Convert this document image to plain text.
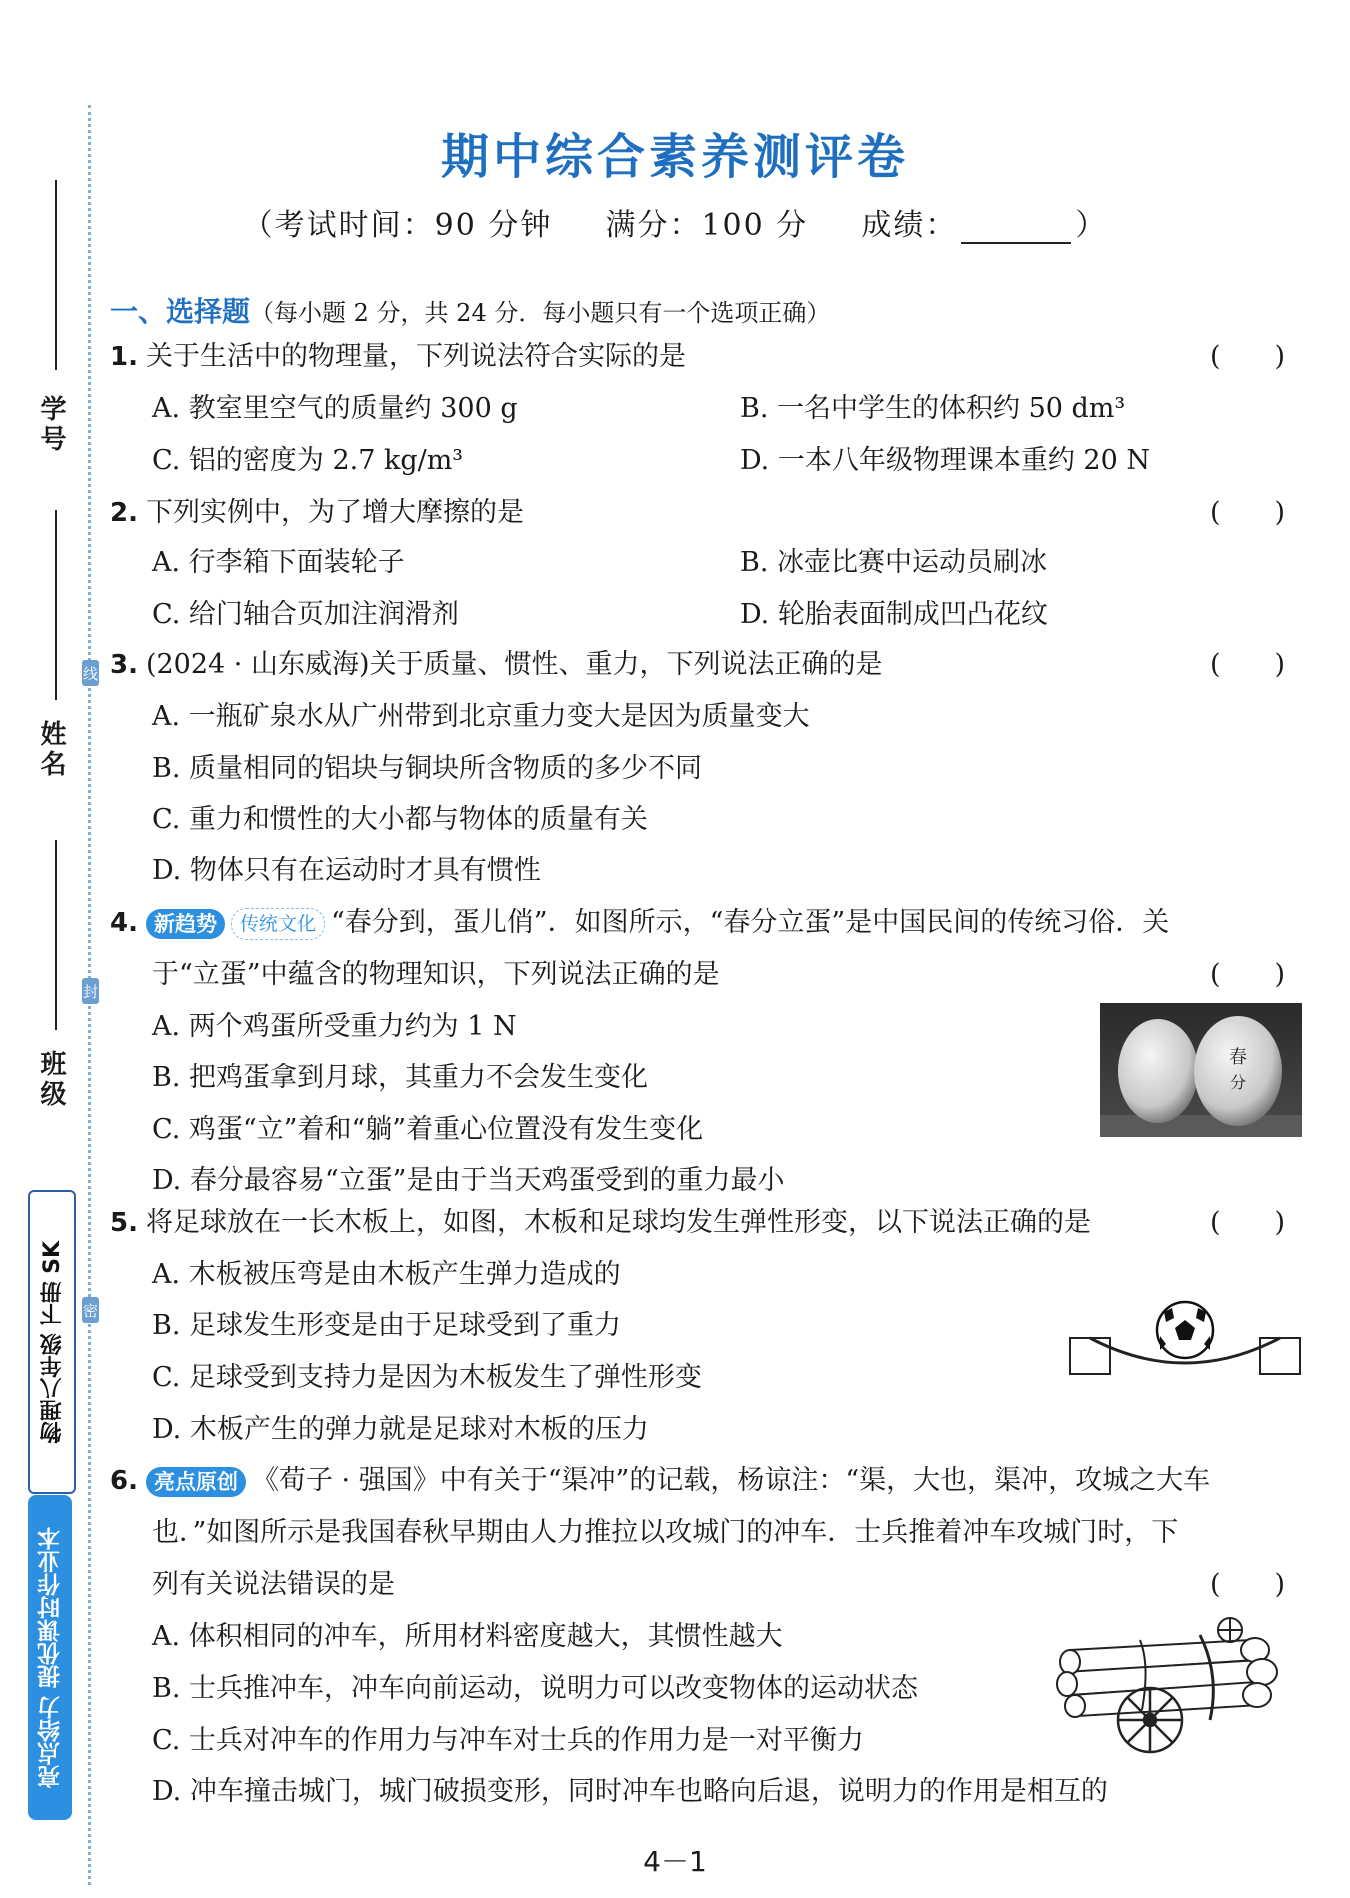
线
封
密
学号
姓名
班级
物理八年级 下册 SK
亮点给力 提优课时作业本
期中综合素养测评卷
（考试时间：90 分钟 满分：100 分 成绩：	）
一、选择题（每小题 2 分，共 24 分．每小题只有一个选项正确）
1. 关于生活中的物理量，下列说法符合实际的是	(　　)
A. 教室里空气的质量约 300 g	B. 一名中学生的体积约 50 dm³
C. 铝的密度为 2.7 kg/m³	D. 一本八年级物理课本重约 20 N
2. 下列实例中，为了增大摩擦的是	(　　)
A. 行李箱下面装轮子	B. 冰壶比赛中运动员刷冰
C. 给门轴合页加注润滑剂	D. 轮胎表面制成凹凸花纹
3. (2024 · 山东威海)关于质量、惯性、重力，下列说法正确的是	(　　)
A. 一瓶矿泉水从广州带到北京重力变大是因为质量变大
B. 质量相同的铝块与铜块所含物质的多少不同
C. 重力和惯性的大小都与物体的质量有关
D. 物体只有在运动时才具有惯性
4. 新趋势 传统文化 “春分到，蛋儿俏”．如图所示，“春分立蛋”是中国民间的传统习俗．关
于“立蛋”中蕴含的物理知识，下列说法正确的是	(　　)
A. 两个鸡蛋所受重力约为 1 N
B. 把鸡蛋拿到月球，其重力不会发生变化
C. 鸡蛋“立”着和“躺”着重心位置没有发生变化
D. 春分最容易“立蛋”是由于当天鸡蛋受到的重力最小
春
分
5. 将足球放在一长木板上，如图，木板和足球均发生弹性形变，以下说法正确的是	(　　)
A. 木板被压弯是由木板产生弹力造成的
B. 足球发生形变是由于足球受到了重力
C. 足球受到支持力是因为木板发生了弹性形变
D. 木板产生的弹力就是足球对木板的压力
6. 亮点原创 《荀子 · 强国》中有关于“渠冲”的记载，杨谅注：“渠，大也，渠冲，攻城之大车
也．”如图所示是我国春秋早期由人力推拉以攻城门的冲车．士兵推着冲车攻城门时，下
列有关说法错误的是	(　　)
A. 体积相同的冲车，所用材料密度越大，其惯性越大
B. 士兵推冲车，冲车向前运动，说明力可以改变物体的运动状态
C. 士兵对冲车的作用力与冲车对士兵的作用力是一对平衡力
D. 冲车撞击城门，城门破损变形，同时冲车也略向后退，说明力的作用是相互的
4－1
